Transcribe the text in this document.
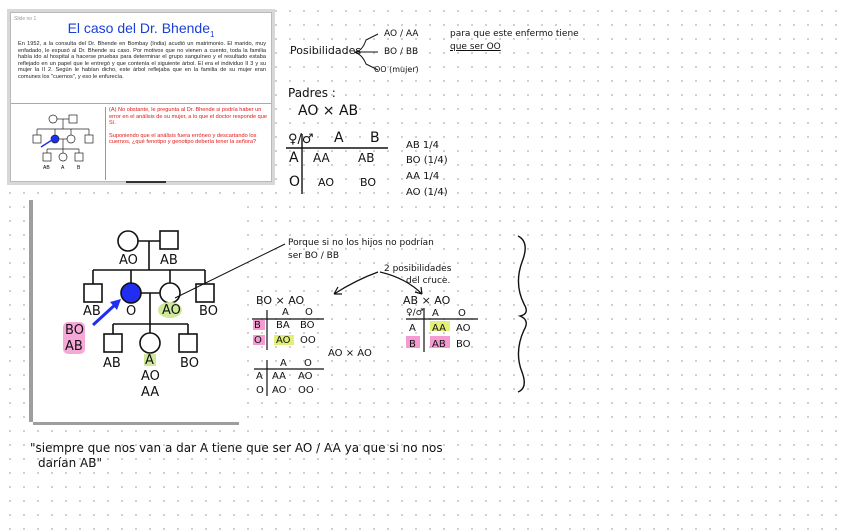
Slide no 1
El caso del Dr. Bhende$_1$
En 1952, a la consulta del Dr. Bhende en Bombay (India) acudió un matrimonio. El marido, muy enfadado, le expusó al Dr. Bhende su caso. Por motivos que no vienen a cuento, toda la familia había ido al hospital a hacerse pruebas para determinar el grupo sanguíneo y el resultado estaba reflejado en un papel que le entregó y que contenía el siguiente árbol. El era el individuo II 3 y su mujer la II 2. Según le habían dicho, este árbol reflejaba que en la familia de su mujer eran comunes los "cuernos", y eso le enfurecía.
AB A	B

(A) No obstante, le pregunta al Dr. Bhende si podría haber un error en el análisis de su mujer, a lo que el doctor responde que Sí.

Suponiendo que el análisis fuera erróneo y descartando los cuernos, ¿qué fenotipo y genotipo debería tener la señora?

Posibilidades
AO / AA
BO / BB
OO (mujer)
para que este enfermo tiene
que ser OO
Padres :
AO × AB
♀/♂ A B
A AA AB
O AO BO
AB 1/4
BO (1/4)
AA 1/4
AO (1/4)
AO AB
AB O AO BO
BO
AB
AB A
AO
AA
BO
Porque si no los hijos no podrían
ser BO / BB
2 posibilidades
del cruce.
BO × AO
A O
B BA BO
O AO OO
AO × AO
A O
A AA AO
O AO OO
AB × AO
♀/♂ A O
A AA AO
B AB BO
"siempre que nos van a dar A tiene que ser AO / AA ya que si no nos
darían AB"
